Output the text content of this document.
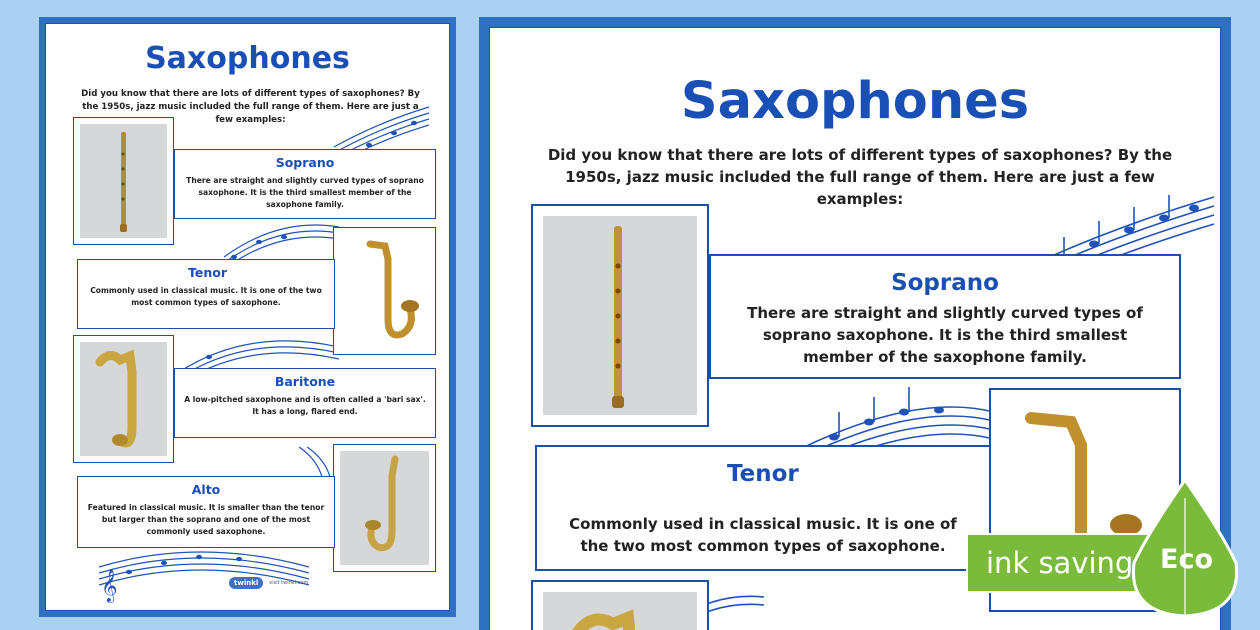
𝄞
Saxophones
Did you know that there are lots of different types of saxophones? By the 1950s, jazz music included the full range of them. Here are just a few examples:
Soprano

There are straight and slightly curved types of soprano saxophone. It is the third smallest member of the saxophone family.

Tenor

Commonly used in classical music. It is one of the two most common types of saxophone.

Baritone

A low-pitched saxophone and is often called a 'bari sax'. It has a long, flared end.

Alto

Featured in classical music. It is smaller than the tenor but larger than the soprano and one of the most commonly used saxophone.

twinkl	visit twinkl.com
Saxophones
Did you know that there are lots of different types of saxophones? By the 1950s, jazz music included the full range of them. Here are just a few examples:
Soprano

There are straight and slightly curved types of soprano saxophone. It is the third smallest member of the saxophone family.

Tenor

Commonly used in classical music. It is one of the two most common types of saxophone.	ink saving Eco
